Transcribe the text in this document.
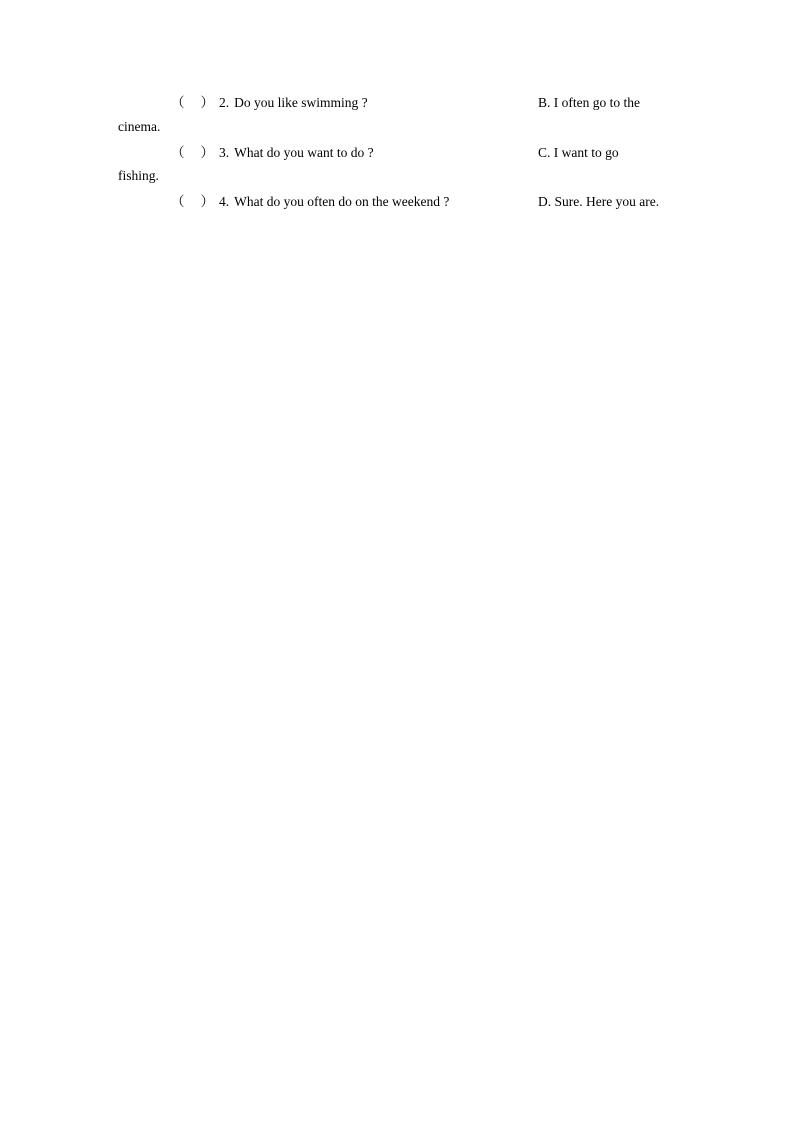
（ ） 2. Do you like swimming ?	B. I often go to the
cinema.
（ ） 3. What do you want to do ?	C. I want to go
fishing.
（ ） 4. What do you often do on the weekend ?	D. Sure. Here you are.
